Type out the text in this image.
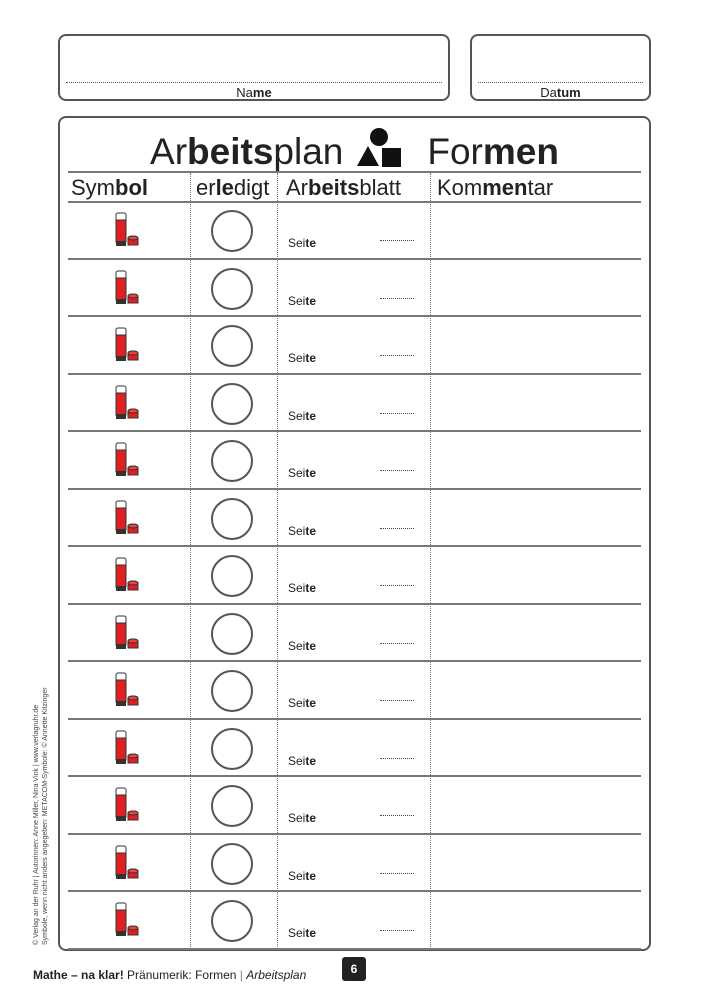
Name	Datum
Arbeitsplan Formen
Symbol erledigt Arbeitsblatt Kommentar
Seite
Seite
Seite
Seite
Seite
Seite
Seite
Seite
Seite
Seite
Seite
Seite
Seite
© Verlag an der Ruhr | Autorinnen: Anne Miller, Nina Vink | www.verlagruhr.de Symbole, wenn nicht anders angegeben: METACOM-Symbole: © Annette Kitzinger
Mathe – na klar! Pränumerik: Formen | Arbeitsplan	6
